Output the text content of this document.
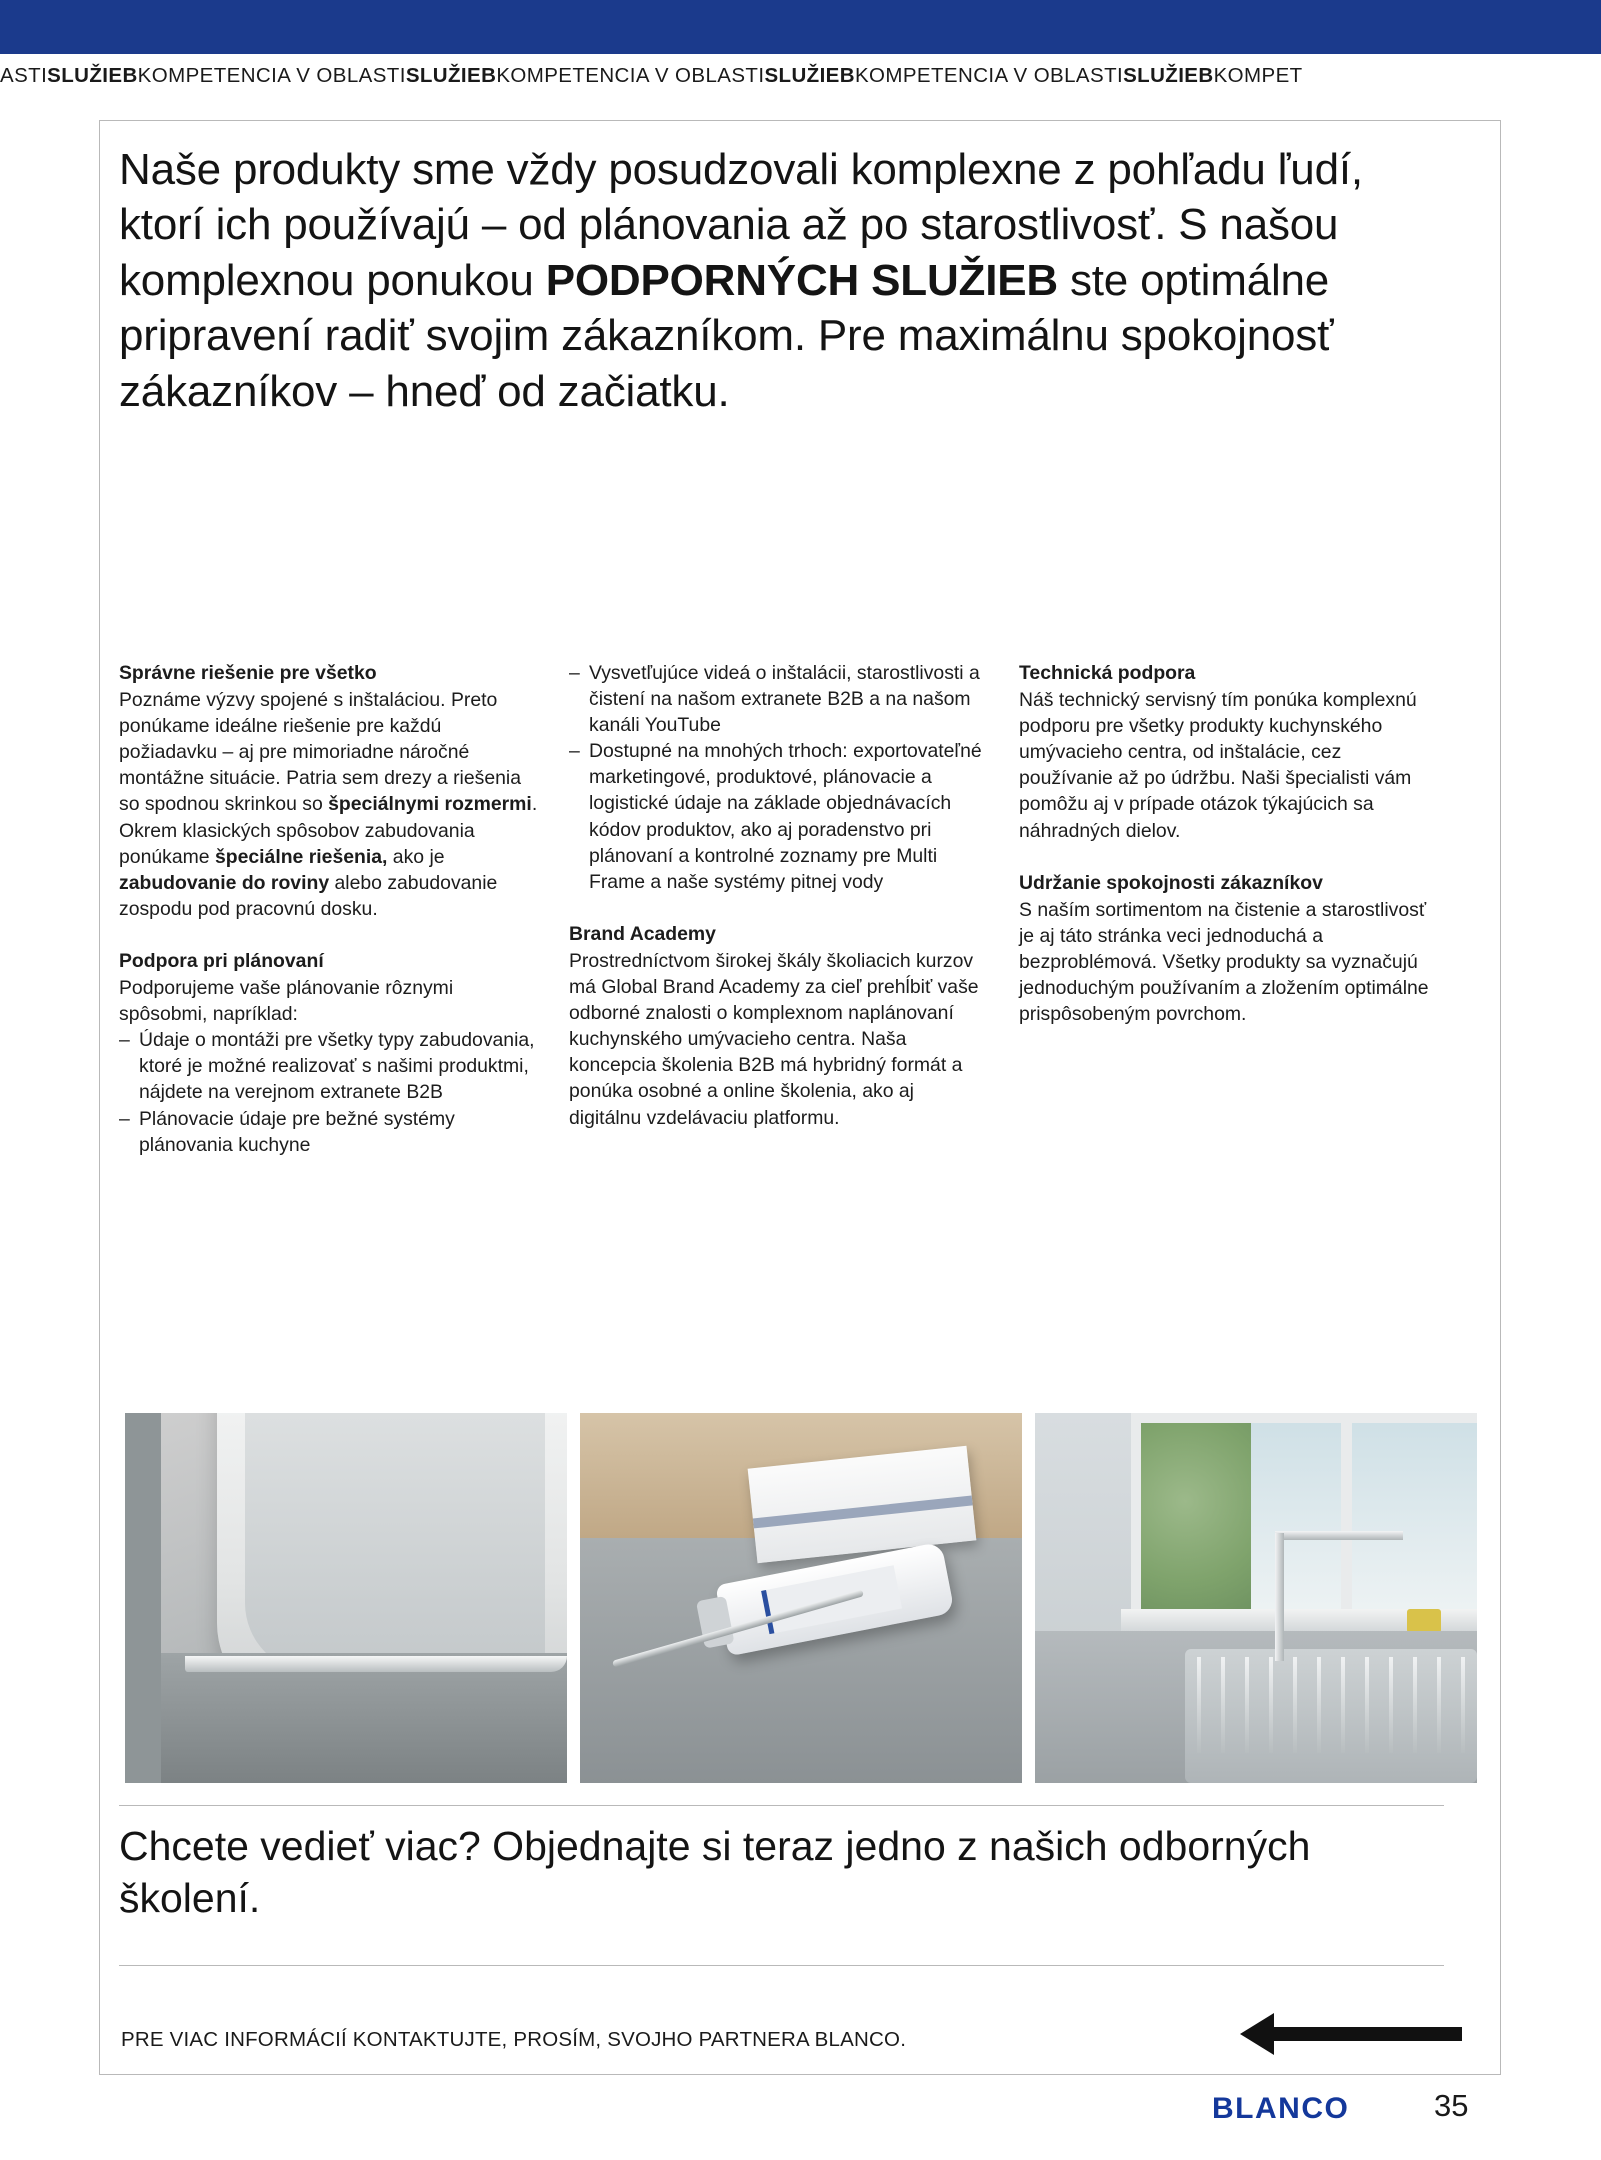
ASTI SLUŽIEB KOMPETENCIA V OBLASTI SLUŽIEB KOMPETENCIA V OBLASTI SLUŽIEB KOMPETENCIA V OBLASTI SLUŽIEB KOMPET
Naše produkty sme vždy posudzovali komplexne z pohľadu ľudí, ktorí ich používajú – od plánovania až po starostlivosť. S našou komplexnou ponukou PODPORNÝCH SLUŽIEB ste optimálne pripravení radiť svojim zákazníkom. Pre maximálnu spokojnosť zákazníkov – hneď od začiatku.
Správne riešenie pre všetko

Poznáme výzvy spojené s inštaláciou. Preto ponúkame ideálne riešenie pre každú požiadavku – aj pre mimoriadne náročné montážne situácie. Patria sem drezy a riešenia so spodnou skrinkou so špeciálnymi rozmermi. Okrem klasických spôsobov zabudovania ponúkame špeciálne riešenia, ako je zabudovanie do roviny alebo zabudovanie zospodu pod pracovnú dosku.

Podpora pri plánovaní

Podporujeme vaše plánovanie rôznymi spôsobmi, napríklad:

– Údaje o montáži pre všetky typy zabudovania, ktoré je možné realizovať s našimi produktmi, nájdete na verejnom extranete B2B
– Plánovacie údaje pre bežné systémy plánovania kuchyne
– Vysvetľujúce videá o inštalácii, starostlivosti a čistení na našom extranete B2B a na našom kanáli YouTube
– Dostupné na mnohých trhoch: exportovateľné marketingové, produktové, plánovacie a logistické údaje na základe objednávacích kódov produktov, ako aj poradenstvo pri plánovaní a kontrolné zoznamy pre Multi Frame a naše systémy pitnej vody
Brand Academy

Prostredníctvom širokej škály školiacich kurzov má Global Brand Academy za cieľ prehĺbiť vaše odborné znalosti o komplexnom naplánovaní kuchynského umývacieho centra. Naša koncepcia školenia B2B má hybridný formát a ponúka osobné a online školenia, ako aj digitálnu vzdelávaciu platformu.

Technická podpora

Náš technický servisný tím ponúka komplexnú podporu pre všetky produkty kuchynského umývacieho centra, od inštalácie, cez používanie až po údržbu. Naši špecialisti vám pomôžu aj v prípade otázok týkajúcich sa náhradných dielov.

Udržanie spokojnosti zákazníkov

S naším sortimentom na čistenie a starostlivosť je aj táto stránka veci jednoduchá a bezproblémová. Všetky produkty sa vyznačujú jednoduchým používaním a zložením optimálne prispôsobeným povrchom.

Chcete vedieť viac? Objednajte si teraz jedno z našich odborných školení.
PRE VIAC INFORMÁCIÍ KONTAKTUJTE, PROSÍM, SVOJHO PARTNERA BLANCO.
BLANCO	35
